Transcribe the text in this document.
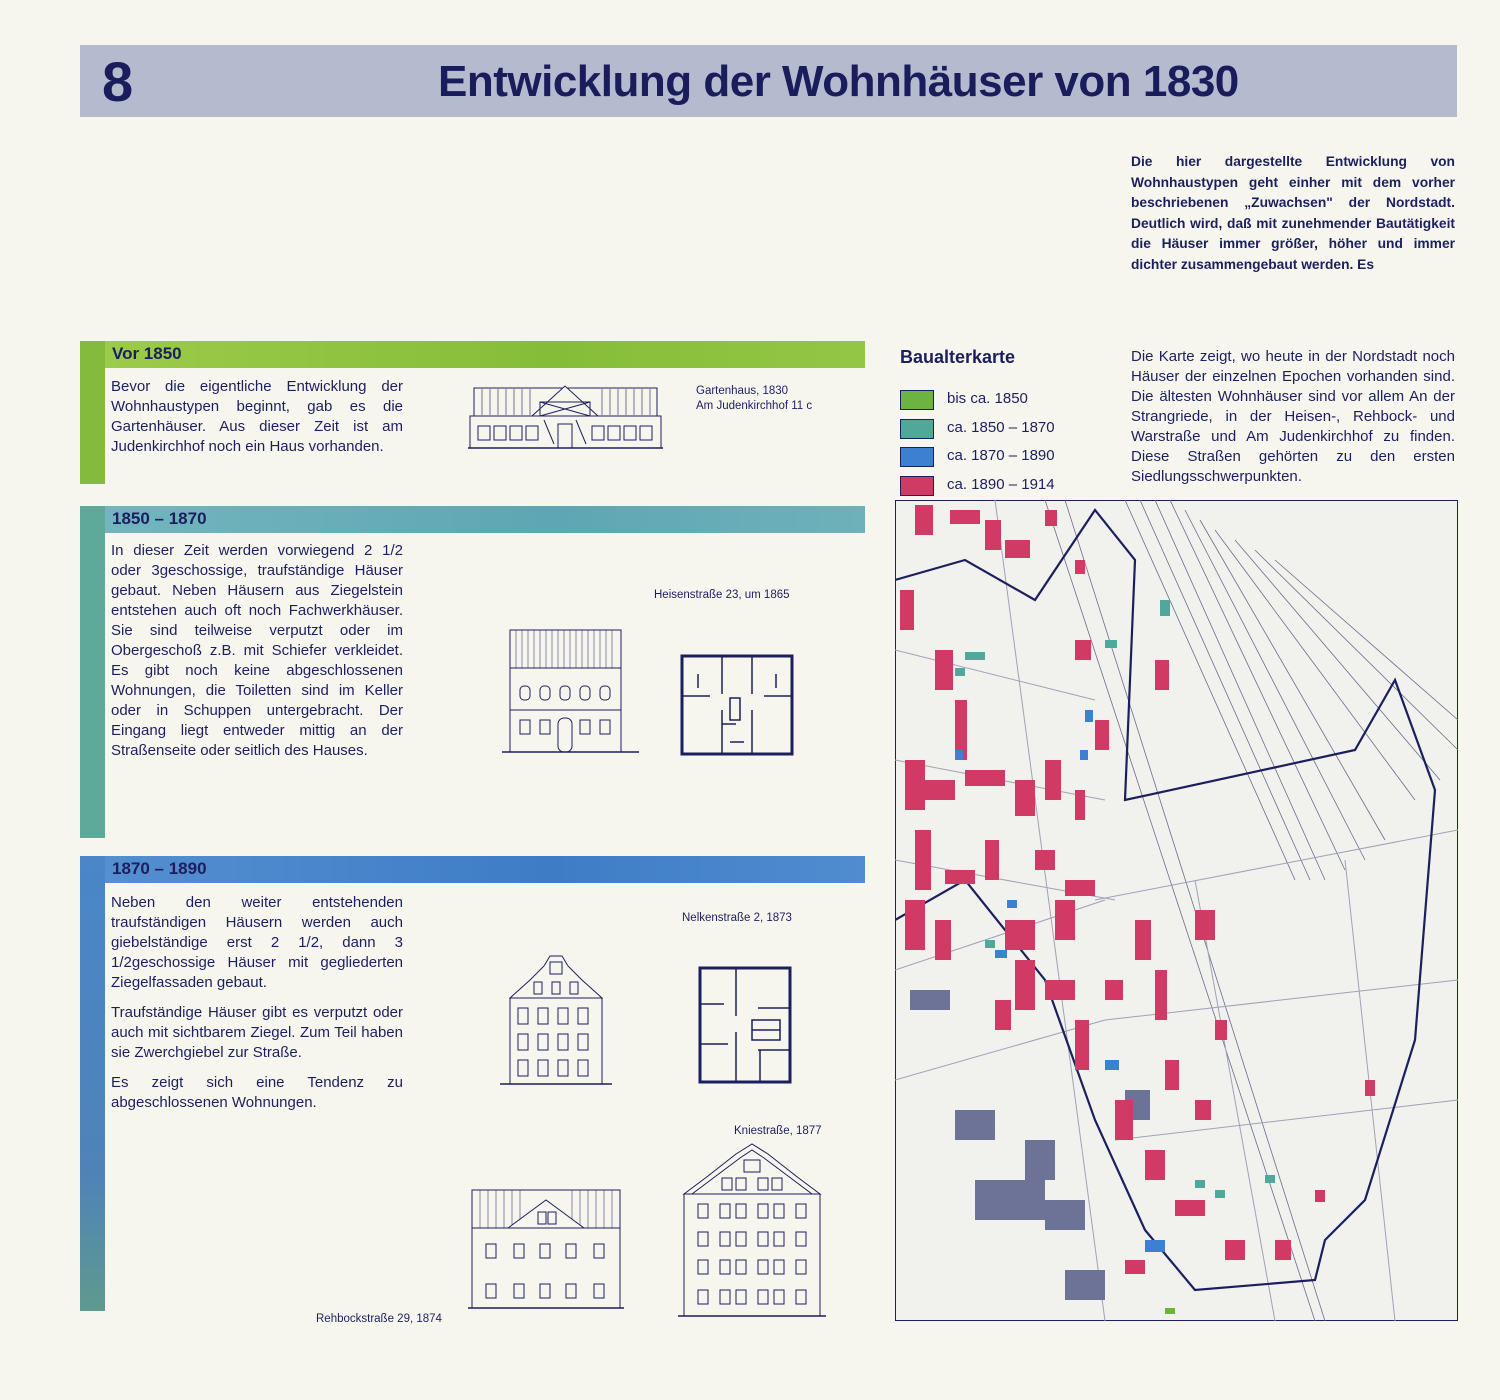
8	Entwicklung der Wohnhäuser von 1830

Die hier dargestellte Entwicklung von Wohnhaustypen geht einher mit dem vorher beschriebenen „Zuwachsen" der Nordstadt. Deutlich wird, daß mit zunehmender Bautätigkeit die Häuser immer größer, höher und immer dichter zusammengebaut werden. Es

Vor 1850

Bevor die eigentliche Entwicklung der Wohnhaustypen beginnt, gab es die Gartenhäuser. Aus dieser Zeit ist am Judenkirchhof noch ein Haus vorhanden.

Gartenhaus, 1830
Am Judenkirchhof 11 c
1850 – 1870

In dieser Zeit werden vorwiegend 2 1/2 oder 3geschossige, traufständige Häuser gebaut. Neben Häusern aus Ziegelstein entstehen auch oft noch Fachwerkhäuser. Sie sind teilweise verputzt oder im Obergeschoß z.B. mit Schiefer verkleidet. Es gibt noch keine abgeschlossenen Wohnungen, die Toiletten sind im Keller oder in Schuppen untergebracht. Der Eingang liegt entweder mittig an der Straßenseite oder seitlich des Hauses.

Heisenstraße 23, um 1865
1870 – 1890

Neben den weiter entstehenden traufständigen Häusern werden auch giebelständige erst 2 1/2, dann 3 1/2geschossige Häuser mit gegliederten Ziegelfassaden gebaut.

Traufständige Häuser gibt es verputzt oder auch mit sichtbarem Ziegel. Zum Teil haben sie Zwerchgiebel zur Straße.

Es zeigt sich eine Tendenz zu abgeschlossenen Wohnungen.

Nelkenstraße 2, 1873
Kniestraße, 1877
Rehbockstraße 29, 1874
Baualterkarte
bis ca. 1850
ca. 1850 – 1870
ca. 1870 – 1890
ca. 1890 – 1914

Die Karte zeigt, wo heute in der Nordstadt noch Häuser der einzelnen Epochen vorhanden sind. Die ältesten Wohnhäuser sind vor allem An der Strangriede, in der Heisen-, Rehbock- und Warstraße und Am Judenkirchhof zu finden. Diese Straßen gehörten zu den ersten Siedlungsschwerpunkten.
